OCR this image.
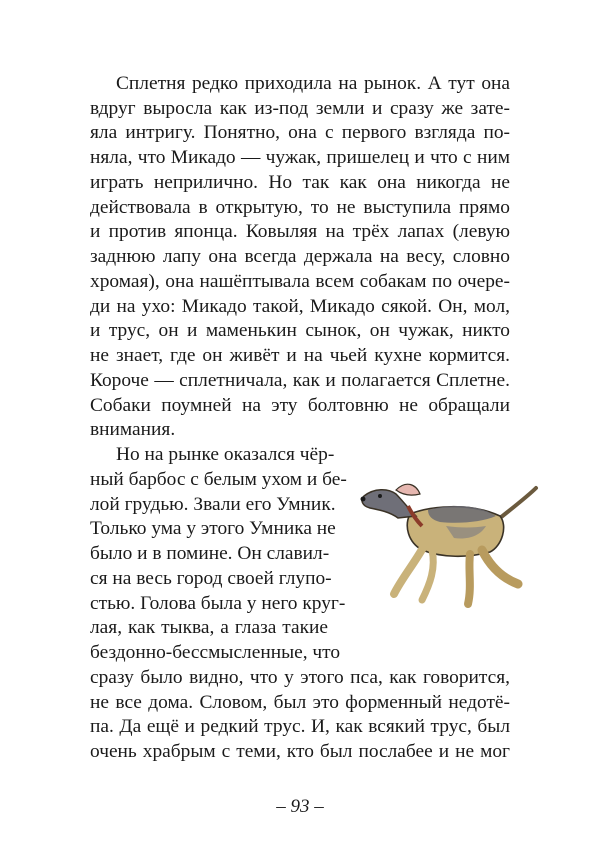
Сплетня редко приходила на рынок. А тут она
вдруг выросла как из-под земли и сразу же зате-
яла интригу. Понятно, она с первого взгляда по-
няла, что Микадо — чужак, пришелец и что с ним
играть неприлично. Но так как она никогда не
действовала в открытую, то не выступила прямо
и против японца. Ковыляя на трёх лапах (левую
заднюю лапу она всегда держала на весу, словно
хромая), она нашёптывала всем собакам по очере-
ди на ухо: Микадо такой, Микадо сякой. Он, мол,
и трус, он и маменькин сынок, он чужак, никто
не знает, где он живёт и на чьей кухне кормится.
Короче — сплетничала, как и полагается Сплетне.
Собаки поумней на эту болтовню не обращали
внимания.
Но на рынке оказался чёр-
ный барбос с белым ухом и бе-
лой грудью. Звали его Умник.
Только ума у этого Умника не
было и в помине. Он славил-
ся на весь город своей глупо-
стью. Голова была у него круг-
лая, как тыква, а глаза такие
бездонно-бессмысленные, что
сразу было видно, что у этого пса, как говорится,
– 93 –
не все дома. Словом, был это форменный недотё-
па. Да ещё и редкий трус. И, как всякий трус, был
очень храбрым с теми, кто был послабее и не мог
